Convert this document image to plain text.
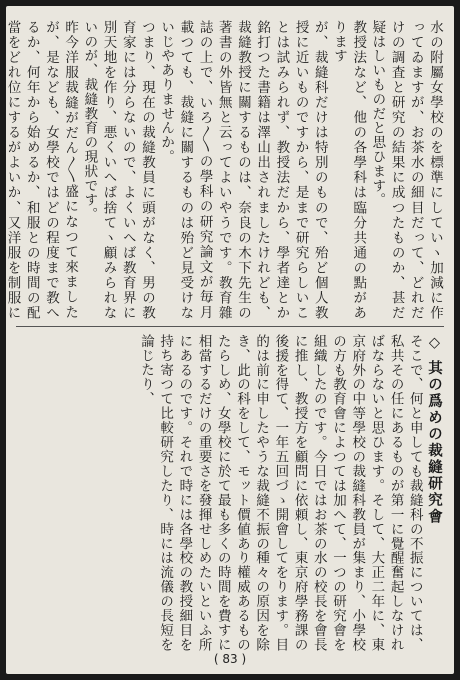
水の附屬女學校のを標準にしていヽ加減に作ってゐますが、お茶水の細目だって、どれだけの調査と研究の結果に成つたものか、甚だ疑はしいものだと思ひます。
教授法など、他の各學科は臨分共通の點があります
が、裁縫科だけは特別のもので、殆ど個人教授に近いものですから、是まで研究らしいことは試みられず、教授法だから、學者達とか銘打つた書籍は澤山出されましたけれども、裁縫教授に關するものは、奈良の木下先生の著書の外皆無と云ってよいやうです。教育雜誌の上で、いろ〳〵の學科の研究論文が毎月載つても、裁縫に關するものは殆ど見受けないじやありませんか。
つまり、現在の裁縫教員に頭がなく、男の教育家には分らないので、よくいへば教育界に別天地を作り、悪くいへば捨てヽ顧みられないのが、裁縫教育の現狀です。
昨今洋服裁縫がだん〳〵盛になつて來ましたが、是なども、女學校ではどの程度まで教へるか、何年から始めるか、和服との時間の配當をどれ位にするがよいか、又洋服を制服に

◇ 其の爲めの裁縫研究會
そこで、何と申しても裁縫科の不振については、私共その任にあるものが第一に覺醒奮起しなければならないと思ひます。そして、大正二年に、東京府外の中等學校の裁縫科教員が集まり、小學校の方も教育會によつては加へて、一つの研究會を組織したのです。今日ではお茶の水の校長を會長に推し、教授方を顧問に依頼し、東京府學務課の後援を得て、一年五回づゝ開會してをります。目的は前に申したやうな裁縫不振の種々の原因を除き、此の科をして、モット價値あり權威あるものたらしめ、女學校に於て最も多くの時間を費すに相當するだけの重要さを發揮せしめたいといふ所にあるのです。それで時には各學校の教授細目を持ち寄つて比較研究したり、時には流儀の長短を論じたり、
( 83 )
